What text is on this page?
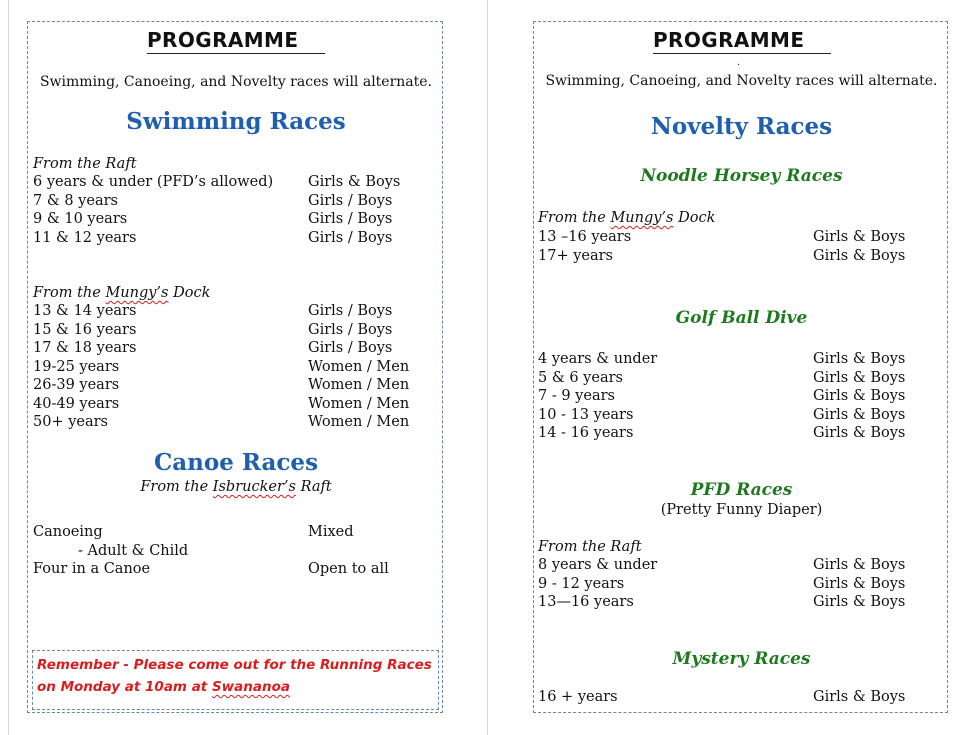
PROGRAMME
Swimming, Canoeing, and Novelty races will alternate.
Swimming Races
From the Raft
6 years & under (PFD’s allowed) Girls & Boys
7 & 8 years	Girls / Boys
9 & 10 years	Girls / Boys
11 & 12 years	Girls / Boys
From the Mungy’s Dock
13 & 14 years	Girls / Boys
15 & 16 years	Girls / Boys
17 & 18 years	Girls / Boys
19-25 years	Women / Men
26-39 years	Women / Men
40-49 years	Women / Men
50+ years	Women / Men
Canoe Races
From the Isbrucker’s Raft
Canoeing	Mixed
- Adult & Child
Four in a Canoe	Open to all
Remember - Please come out for the Running Races
on Monday at 10am at Swananoa
PROGRAMME
.
Swimming, Canoeing, and Novelty races will alternate.
Novelty Races
Noodle Horsey Races
From the Mungy’s Dock
13 –16 years	Girls & Boys
17+ years	Girls & Boys
Golf Ball Dive
4 years & under	Girls & Boys
5 & 6 years	Girls & Boys
7 - 9 years	Girls & Boys
10 - 13 years	Girls & Boys
14 - 16 years	Girls & Boys
PFD Races
(Pretty Funny Diaper)
From the Raft
8 years & under	Girls & Boys
9 - 12 years	Girls & Boys
13—16 years	Girls & Boys
Mystery Races
16 + years	Girls & Boys
